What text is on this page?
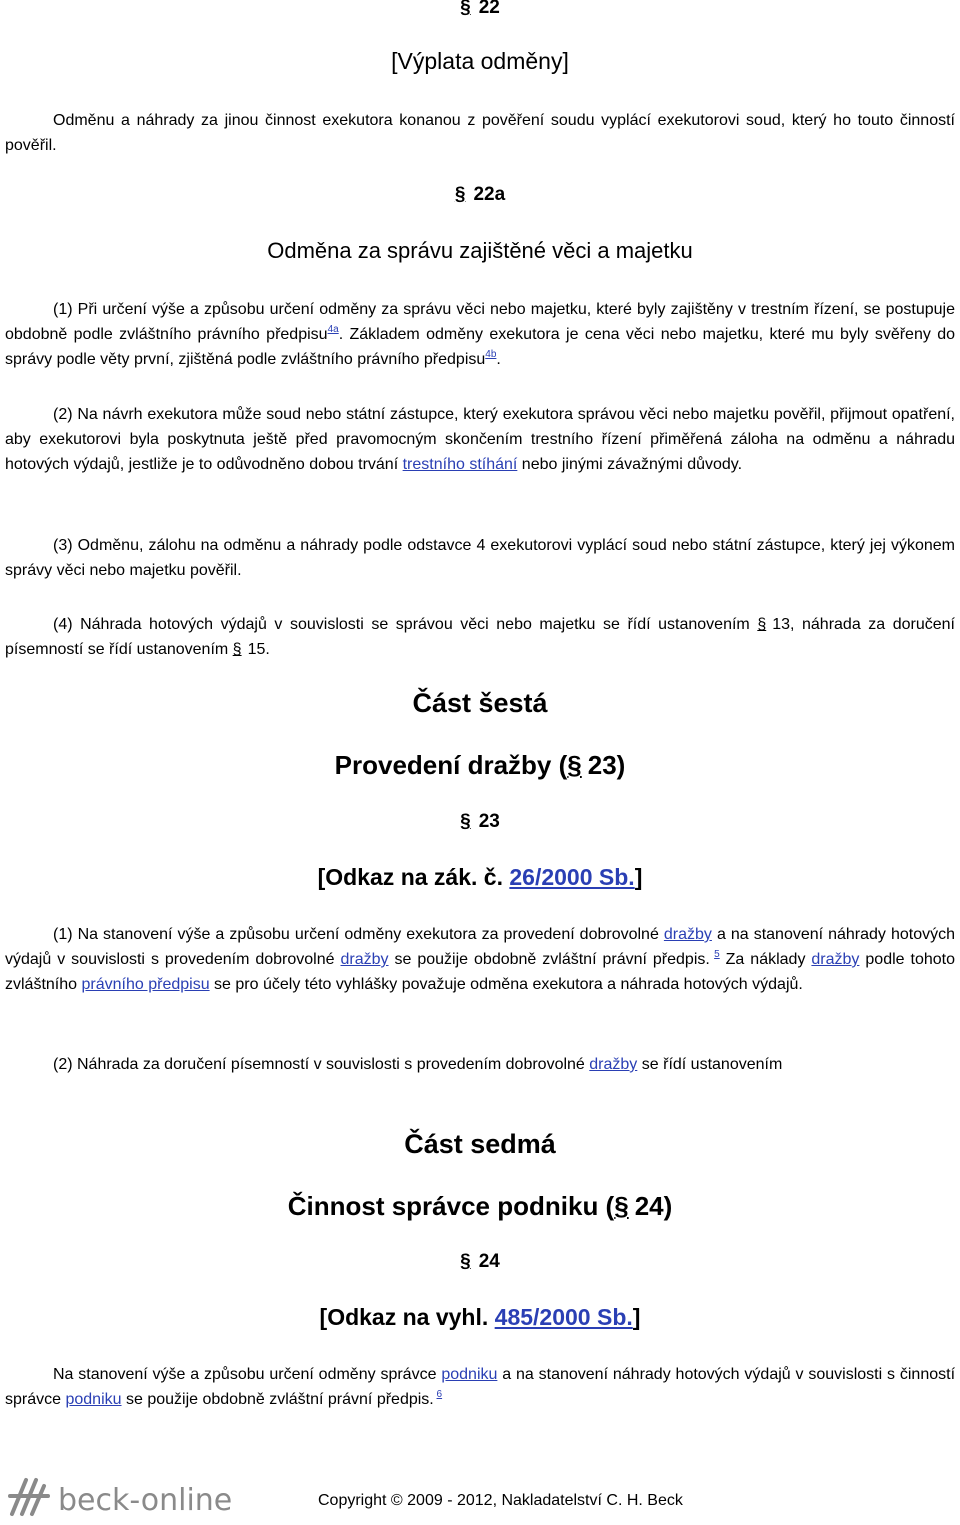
§ 22
[Výplata odměny]

Odměnu a náhrady za jinou činnost exekutora konanou z pověření soudu vyplácí exekutorovi soud, který ho touto činností pověřil.

§ 22a
Odměna za správu zajištěné věci a majetku

(1) Při určení výše a způsobu určení odměny za správu věci nebo majetku, které byly zajištěny v trestním řízení, se postupuje obdobně podle zvláštního právního předpisu$^{4a}$. Základem odměny exekutora je cena věci nebo majetku, které mu byly svěřeny do správy podle věty první, zjištěná podle zvláštního právního předpisu$^{4b}$.

(2) Na návrh exekutora může soud nebo státní zástupce, který exekutora správou věci nebo majetku pověřil, přijmout opatření, aby exekutorovi byla poskytnuta ještě před pravomocným skončením trestního řízení přiměřená záloha na odměnu a náhradu hotových výdajů, jestliže je to odůvodněno dobou trvání trestního stíhání nebo jinými závažnými důvody.

(3) Odměnu, zálohu na odměnu a náhrady podle odstavce 4 exekutorovi vyplácí soud nebo státní zástupce, který jej výkonem správy věci nebo majetku pověřil.

(4) Náhrada hotových výdajů v souvislosti se správou věci nebo majetku se řídí ustanovením § 13, náhrada za doručení písemností se řídí ustanovením § 15.

Část šestá
Provedení dražby (§ 23)
§ 23
[Odkaz na zák. č. 26/2000 Sb.]

(1) Na stanovení výše a způsobu určení odměny exekutora za provedení dobrovolné dražby a na stanovení náhrady hotových výdajů v souvislosti s provedením dobrovolné dražby se použije obdobně zvláštní právní předpis. $^5$ Za náklady dražby podle tohoto zvláštního právního předpisu se pro účely této vyhlášky považuje odměna exekutora a náhrada hotových výdajů.

(2) Náhrada za doručení písemností v souvislosti s provedením dobrovolné dražby se řídí ustanovením

Část sedmá
Činnost správce podniku (§ 24)
§ 24
[Odkaz na vyhl. 485/2000 Sb.]

Na stanovení výše a způsobu určení odměny správce podniku a na stanovení náhrady hotových výdajů v souvislosti s činností správce podniku se použije obdobně zvláštní právní předpis. $^6$

beck-online	Copyright © 2009 - 2012, Nakladatelství C. H. Beck
